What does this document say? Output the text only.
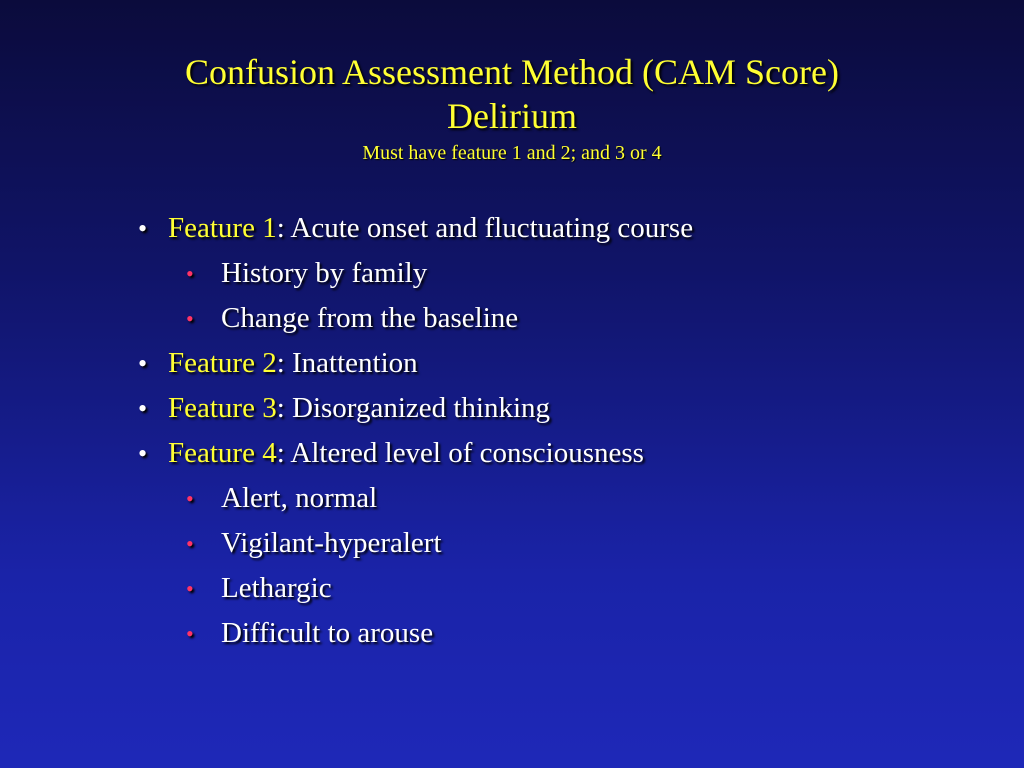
Confusion Assessment Method (CAM Score)
Delirium
Must have feature 1 and 2; and 3 or 4
• Feature 1: Acute onset and fluctuating course
• History by family
• Change from the baseline
• Feature 2: Inattention
• Feature 3: Disorganized thinking
• Feature 4: Altered level of consciousness
• Alert, normal
• Vigilant-hyperalert
• Lethargic
• Difficult to arouse
